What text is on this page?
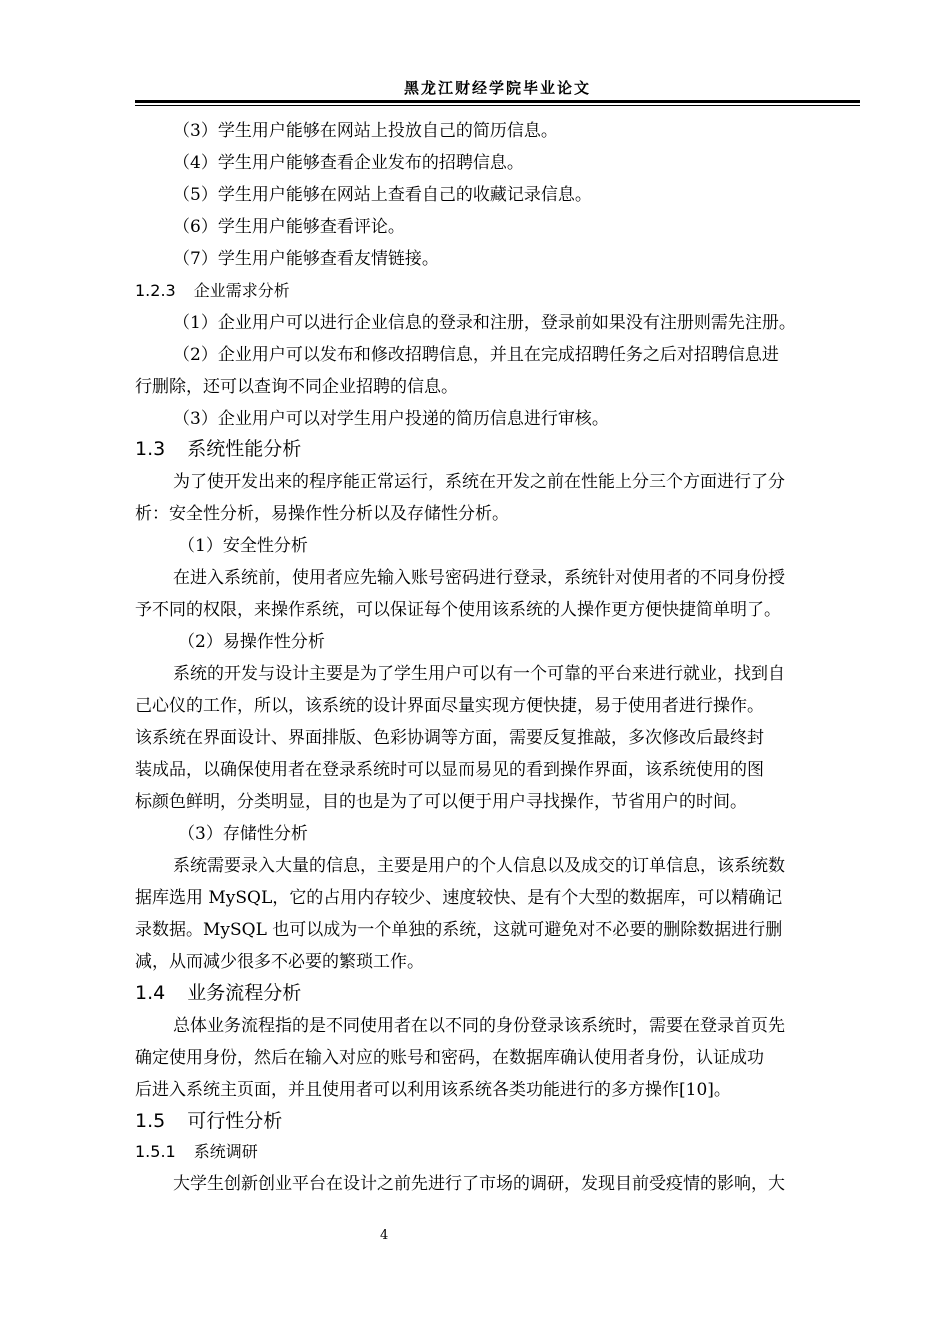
黑龙江财经学院毕业论文
（3）学生用户能够在网站上投放自己的简历信息。
（4）学生用户能够查看企业发布的招聘信息。
（5）学生用户能够在网站上查看自己的收藏记录信息。
（6）学生用户能够查看评论。
（7）学生用户能够查看友情链接。
1.2.3 企业需求分析
（1）企业用户可以进行企业信息的登录和注册，登录前如果没有注册则需先注册。
（2）企业用户可以发布和修改招聘信息，并且在完成招聘任务之后对招聘信息进
行删除，还可以查询不同企业招聘的信息。
（3）企业用户可以对学生用户投递的简历信息进行审核。
1.3 系统性能分析
为了使开发出来的程序能正常运行，系统在开发之前在性能上分三个方面进行了分
析：安全性分析，易操作性分析以及存储性分析。
（1）安全性分析
在进入系统前，使用者应先输入账号密码进行登录，系统针对使用者的不同身份授
予不同的权限，来操作系统，可以保证每个使用该系统的人操作更方便快捷简单明了。
（2）易操作性分析
系统的开发与设计主要是为了学生用户可以有一个可靠的平台来进行就业，找到自
己心仪的工作，所以，该系统的设计界面尽量实现方便快捷，易于使用者进行操作。
该系统在界面设计、界面排版、色彩协调等方面，需要反复推敲，多次修改后最终封
装成品，以确保使用者在登录系统时可以显而易见的看到操作界面，该系统使用的图
标颜色鲜明，分类明显，目的也是为了可以便于用户寻找操作，节省用户的时间。
（3）存储性分析
系统需要录入大量的信息，主要是用户的个人信息以及成交的订单信息，该系统数
据库选用 MySQL，它的占用内存较少、速度较快、是有个大型的数据库，可以精确记
录数据。MySQL 也可以成为一个单独的系统，这就可避免对不必要的删除数据进行删
减，从而减少很多不必要的繁琐工作。
1.4 业务流程分析
总体业务流程指的是不同使用者在以不同的身份登录该系统时，需要在登录首页先
确定使用身份，然后在输入对应的账号和密码，在数据库确认使用者身份，认证成功
后进入系统主页面，并且使用者可以利用该系统各类功能进行的多方操作[10]。
1.5 可行性分析
1.5.1 系统调研
大学生创新创业平台在设计之前先进行了市场的调研，发现目前受疫情的影响，大
4
